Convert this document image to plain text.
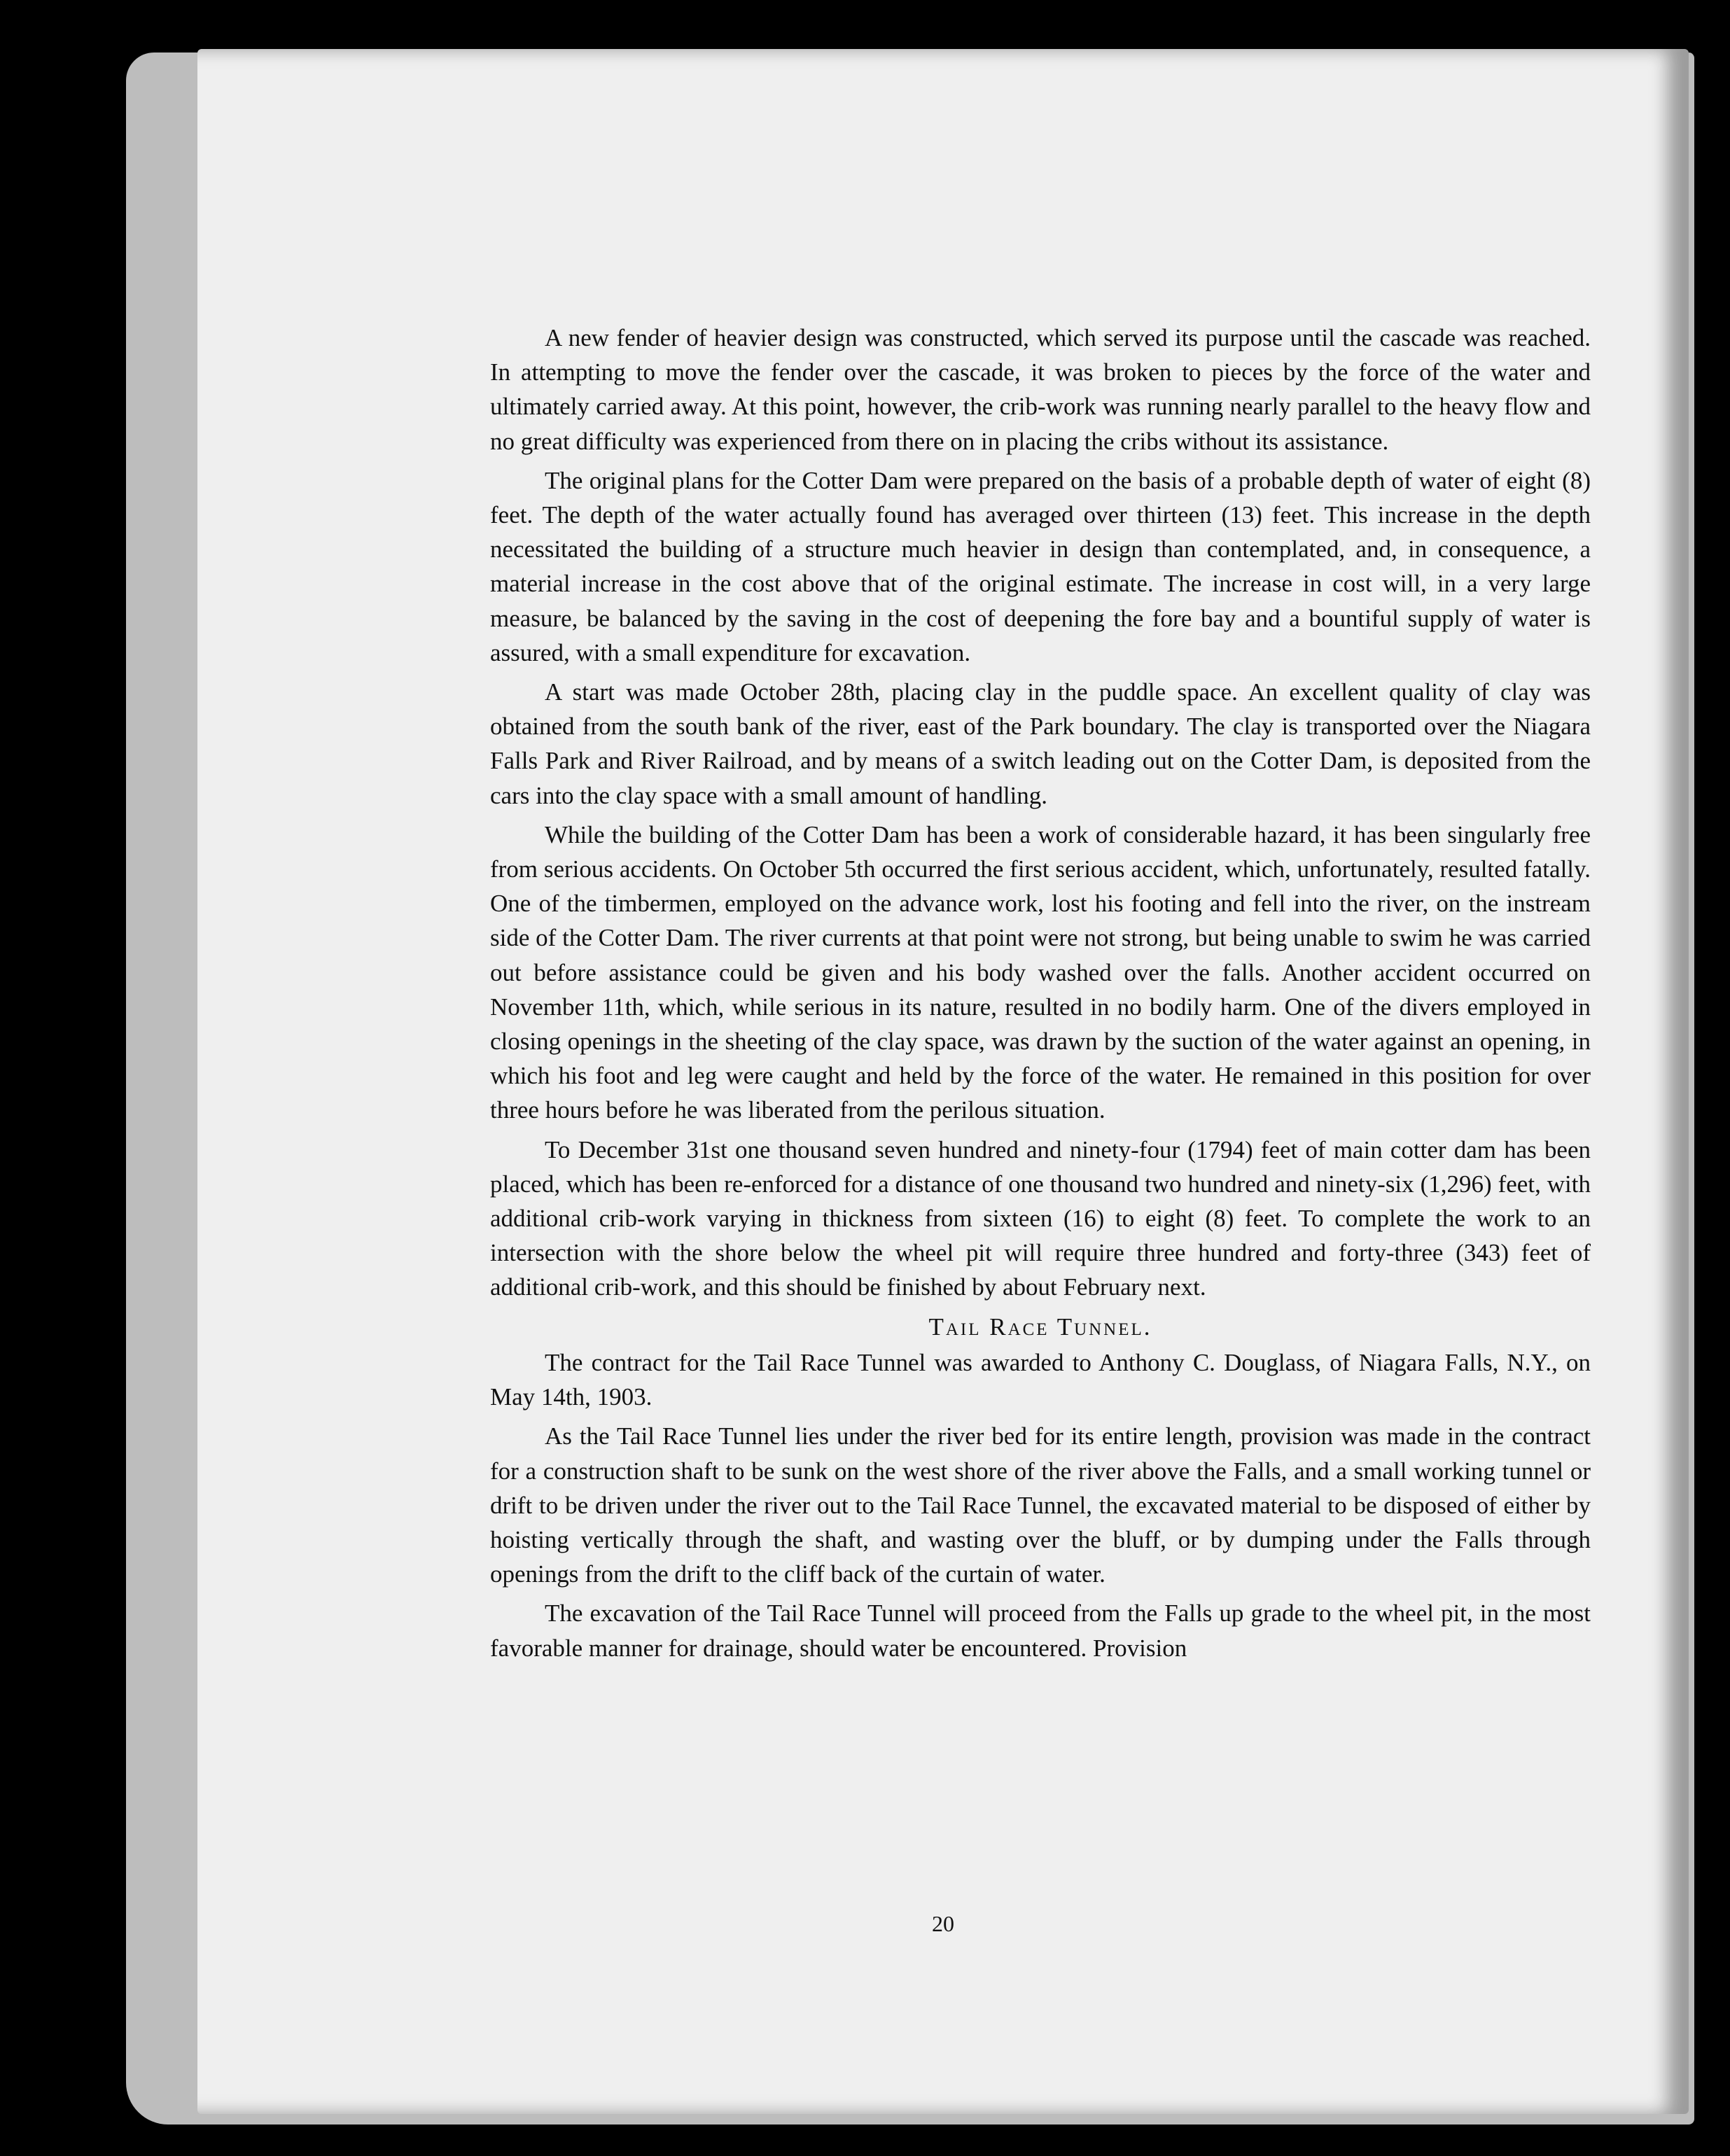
20

A new fender of heavier design was constructed, which served its purpose until the cascade was reached. In attempting to move the fender over the cascade, it was broken to pieces by the force of the water and ultimately carried away. At this point, however, the crib-work was running nearly parallel to the heavy flow and no great difficulty was experienced from there on in placing the cribs without its assistance.

The original plans for the Cotter Dam were prepared on the basis of a probable depth of water of eight (8) feet. The depth of the water actually found has averaged over thirteen (13) feet. This increase in the depth necessitated the building of a structure much heavier in design than contemplated, and, in consequence, a material increase in the cost above that of the original estimate. The increase in cost will, in a very large measure, be balanced by the saving in the cost of deepening the fore bay and a bountiful supply of water is assured, with a small expenditure for excavation.

A start was made October 28th, placing clay in the puddle space. An excellent quality of clay was obtained from the south bank of the river, east of the Park boundary. The clay is transported over the Niagara Falls Park and River Railroad, and by means of a switch leading out on the Cotter Dam, is deposited from the cars into the clay space with a small amount of handling.

While the building of the Cotter Dam has been a work of considerable hazard, it has been singularly free from serious accidents. On October 5th occurred the first serious accident, which, unfortunately, resulted fatally. One of the timbermen, employed on the advance work, lost his footing and fell into the river, on the instream side of the Cotter Dam. The river currents at that point were not strong, but being unable to swim he was carried out before assistance could be given and his body washed over the falls. Another accident occurred on November 11th, which, while serious in its nature, resulted in no bodily harm. One of the divers employed in closing openings in the sheeting of the clay space, was drawn by the suction of the water against an opening, in which his foot and leg were caught and held by the force of the water. He remained in this position for over three hours before he was liberated from the perilous situation.

To December 31st one thousand seven hundred and ninety-four (1794) feet of main cotter dam has been placed, which has been re-enforced for a distance of one thousand two hundred and ninety-six (1,296) feet, with additional crib-work varying in thickness from sixteen (16) to eight (8) feet. To complete the work to an intersection with the shore below the wheel pit will require three hundred and forty-three (343) feet of additional crib-work, and this should be finished by about February next.

Tail Race Tunnel.

The contract for the Tail Race Tunnel was awarded to Anthony C. Douglass, of Niagara Falls, N.Y., on May 14th, 1903.

As the Tail Race Tunnel lies under the river bed for its entire length, provision was made in the contract for a construction shaft to be sunk on the west shore of the river above the Falls, and a small working tunnel or drift to be driven under the river out to the Tail Race Tunnel, the excavated material to be disposed of either by hoisting vertically through the shaft, and wasting over the bluff, or by dumping under the Falls through openings from the drift to the cliff back of the curtain of water.

The excavation of the Tail Race Tunnel will proceed from the Falls up grade to the wheel pit, in the most favorable manner for drainage, should water be encountered. Provision
